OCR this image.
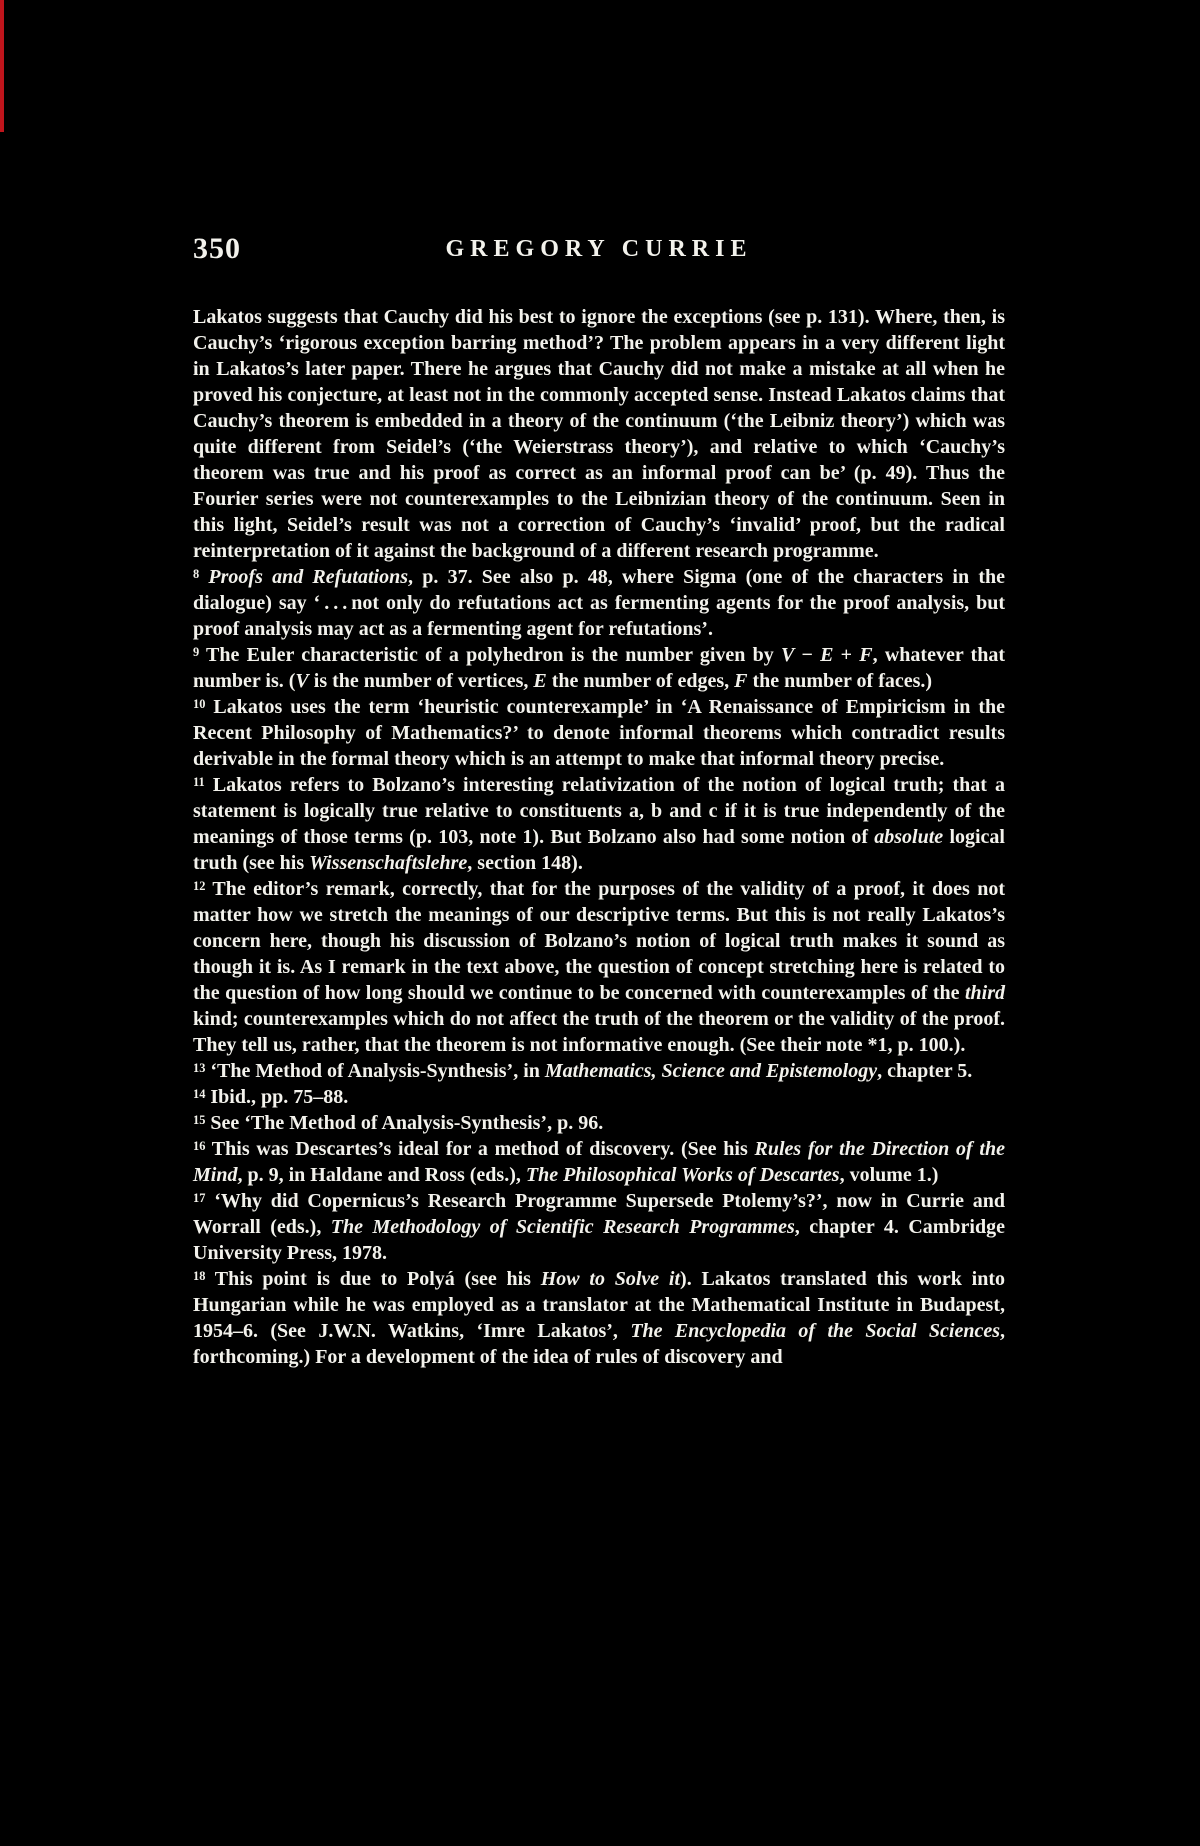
350	GREGORY CURRIE

Lakatos suggests that Cauchy did his best to ignore the exceptions (see p. 131). Where, then, is Cauchy’s ‘rigorous exception barring method’? The problem appears in a very different light in Lakatos’s later paper. There he argues that Cauchy did not make a mistake at all when he proved his conjecture, at least not in the commonly accepted sense. Instead Lakatos claims that Cauchy’s theorem is embedded in a theory of the continuum (‘the Leibniz theory’) which was quite different from Seidel’s (‘the Weierstrass theory’), and relative to which ‘Cauchy’s theorem was true and his proof as correct as an informal proof can be’ (p. 49). Thus the Fourier series were not counterexamples to the Leibnizian theory of the continuum. Seen in this light, Seidel’s result was not a correction of Cauchy’s ‘invalid’ proof, but the radical reinterpretation of it against the background of a different research programme.

$^8$ Proofs and Refutations, p. 37. See also p. 48, where Sigma (one of the characters in the dialogue) say ‘ . . . not only do refutations act as fermenting agents for the proof analysis, but proof analysis may act as a fermenting agent for refutations’.

$^9$ The Euler characteristic of a polyhedron is the number given by V − E + F, whatever that number is. (V is the number of vertices, E the number of edges, F the number of faces.)

$^{10}$ Lakatos uses the term ‘heuristic counterexample’ in ‘A Renaissance of Empiricism in the Recent Philosophy of Mathematics?’ to denote informal theorems which contradict results derivable in the formal theory which is an attempt to make that informal theory precise.

$^{11}$ Lakatos refers to Bolzano’s interesting relativization of the notion of logical truth; that a statement is logically true relative to constituents a, b and c if it is true independently of the meanings of those terms (p. 103, note 1). But Bolzano also had some notion of absolute logical truth (see his Wissenschaftslehre, section 148).

$^{12}$ The editor’s remark, correctly, that for the purposes of the validity of a proof, it does not matter how we stretch the meanings of our descriptive terms. But this is not really Lakatos’s concern here, though his discussion of Bolzano’s notion of logical truth makes it sound as though it is. As I remark in the text above, the question of concept stretching here is related to the question of how long should we continue to be concerned with counterexamples of the third kind; counterexamples which do not affect the truth of the theorem or the validity of the proof. They tell us, rather, that the theorem is not informative enough. (See their note *1, p. 100.).

$^{13}$ ‘The Method of Analysis-Synthesis’, in Mathematics, Science and Epistemology, chapter 5.

$^{14}$ Ibid., pp. 75–88.

$^{15}$ See ‘The Method of Analysis-Synthesis’, p. 96.

$^{16}$ This was Descartes’s ideal for a method of discovery. (See his Rules for the Direction of the Mind, p. 9, in Haldane and Ross (eds.), The Philosophical Works of Descartes, volume 1.)

$^{17}$ ‘Why did Copernicus’s Research Programme Supersede Ptolemy’s?’, now in Currie and Worrall (eds.), The Methodology of Scientific Research Programmes, chapter 4. Cambridge University Press, 1978.

$^{18}$ This point is due to Polyá (see his How to Solve it). Lakatos translated this work into Hungarian while he was employed as a translator at the Mathematical Institute in Budapest, 1954–6. (See J.W.N. Watkins, ‘Imre Lakatos’, The Encyclopedia of the Social Sciences, forthcoming.) For a development of the idea of rules of discovery and
